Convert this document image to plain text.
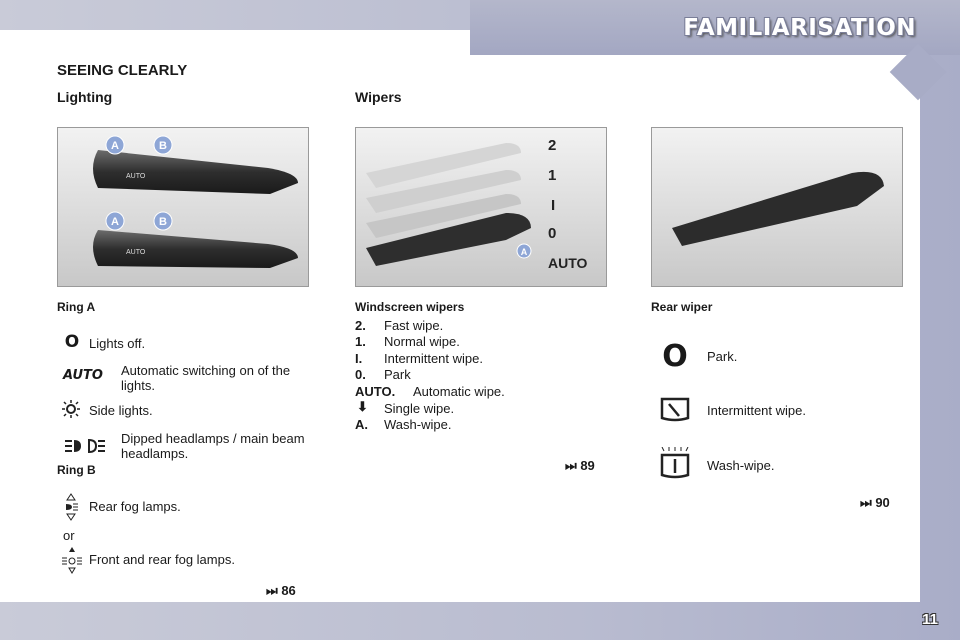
FAMILIARISATION
SEEING CLEARLY
Lighting	Wipers
A	B
A	B
AUTO
AUTO
2
1
I
0
AUTO
A
Ring A
O Lights off.
AUTO Automatic switching on of the lights.
Side lights.
Dipped headlamps / main beam headlamps.
Ring B
Rear fog lamps.
or
Front and rear fog lamps.
⏭ 86
Windscreen wipers
2. Fast wipe.
1. Normal wipe.
I. Intermittent wipe.
0. Park
AUTO. Automatic wipe.
⬇ Single wipe.
A. Wash-wipe.
⏭ 89
Rear wiper
O Park.
Intermittent wipe.
Wash-wipe.
⏭ 90
11
